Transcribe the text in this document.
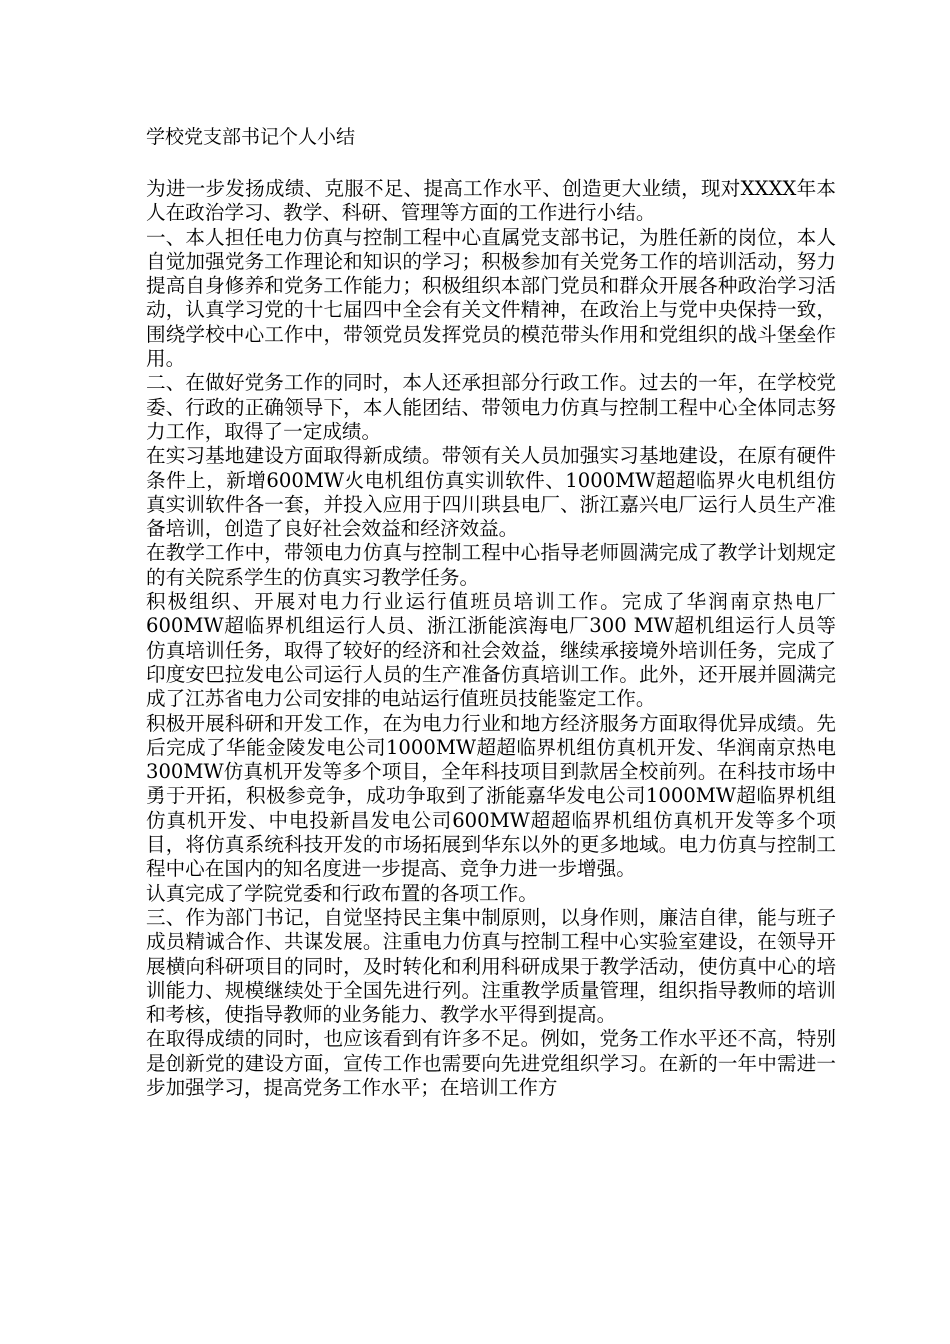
学校党支部书记个人小结

为进一步发扬成绩、克服不足、提高工作水平、创造更大业绩，现对XXXX年本人在政治学习、教学、科研、管理等方面的工作进行小结。

一、本人担任电力仿真与控制工程中心直属党支部书记，为胜任新的岗位，本人自觉加强党务工作理论和知识的学习；积极参加有关党务工作的培训活动，努力提高自身修养和党务工作能力；积极组织本部门党员和群众开展各种政治学习活动，认真学习党的十七届四中全会有关文件精神，在政治上与党中央保持一致，围绕学校中心工作中，带领党员发挥党员的模范带头作用和党组织的战斗堡垒作用。

二、在做好党务工作的同时，本人还承担部分行政工作。过去的一年，在学校党委、行政的正确领导下，本人能团结、带领电力仿真与控制工程中心全体同志努力工作，取得了一定成绩。

在实习基地建设方面取得新成绩。带领有关人员加强实习基地建设，在原有硬件条件上，新增600MW火电机组仿真实训软件、1000MW超超临界火电机组仿真实训软件各一套，并投入应用于四川珙县电厂、浙江嘉兴电厂运行人员生产准备培训，创造了良好社会效益和经济效益。

在教学工作中，带领电力仿真与控制工程中心指导老师圆满完成了教学计划规定的有关院系学生的仿真实习教学任务。

积极组织、开展对电力行业运行值班员培训工作。完成了华润南京热电厂600MW超临界机组运行人员、浙江浙能滨海电厂300 MW超机组运行人员等仿真培训任务，取得了较好的经济和社会效益，继续承接境外培训任务，完成了印度安巴拉发电公司运行人员的生产准备仿真培训工作。此外，还开展并圆满完成了江苏省电力公司安排的电站运行值班员技能鉴定工作。

积极开展科研和开发工作，在为电力行业和地方经济服务方面取得优异成绩。先后完成了华能金陵发电公司1000MW超超临界机组仿真机开发、华润南京热电300MW仿真机开发等多个项目，全年科技项目到款居全校前列。在科技市场中勇于开拓，积极参竞争，成功争取到了浙能嘉华发电公司1000MW超临界机组仿真机开发、中电投新昌发电公司600MW超超临界机组仿真机开发等多个项目，将仿真系统科技开发的市场拓展到华东以外的更多地域。电力仿真与控制工程中心在国内的知名度进一步提高、竞争力进一步增强。

认真完成了学院党委和行政布置的各项工作。

三、作为部门书记，自觉坚持民主集中制原则，以身作则，廉洁自律，能与班子成员精诚合作、共谋发展。注重电力仿真与控制工程中心实验室建设，在领导开展横向科研项目的同时，及时转化和利用科研成果于教学活动，使仿真中心的培训能力、规模继续处于全国先进行列。注重教学质量管理，组织指导教师的培训和考核，使指导教师的业务能力、教学水平得到提高。

在取得成绩的同时，也应该看到有许多不足。例如，党务工作水平还不高，特别是创新党的建设方面，宣传工作也需要向先进党组织学习。在新的一年中需进一步加强学习，提高党务工作水平；在培训工作方
